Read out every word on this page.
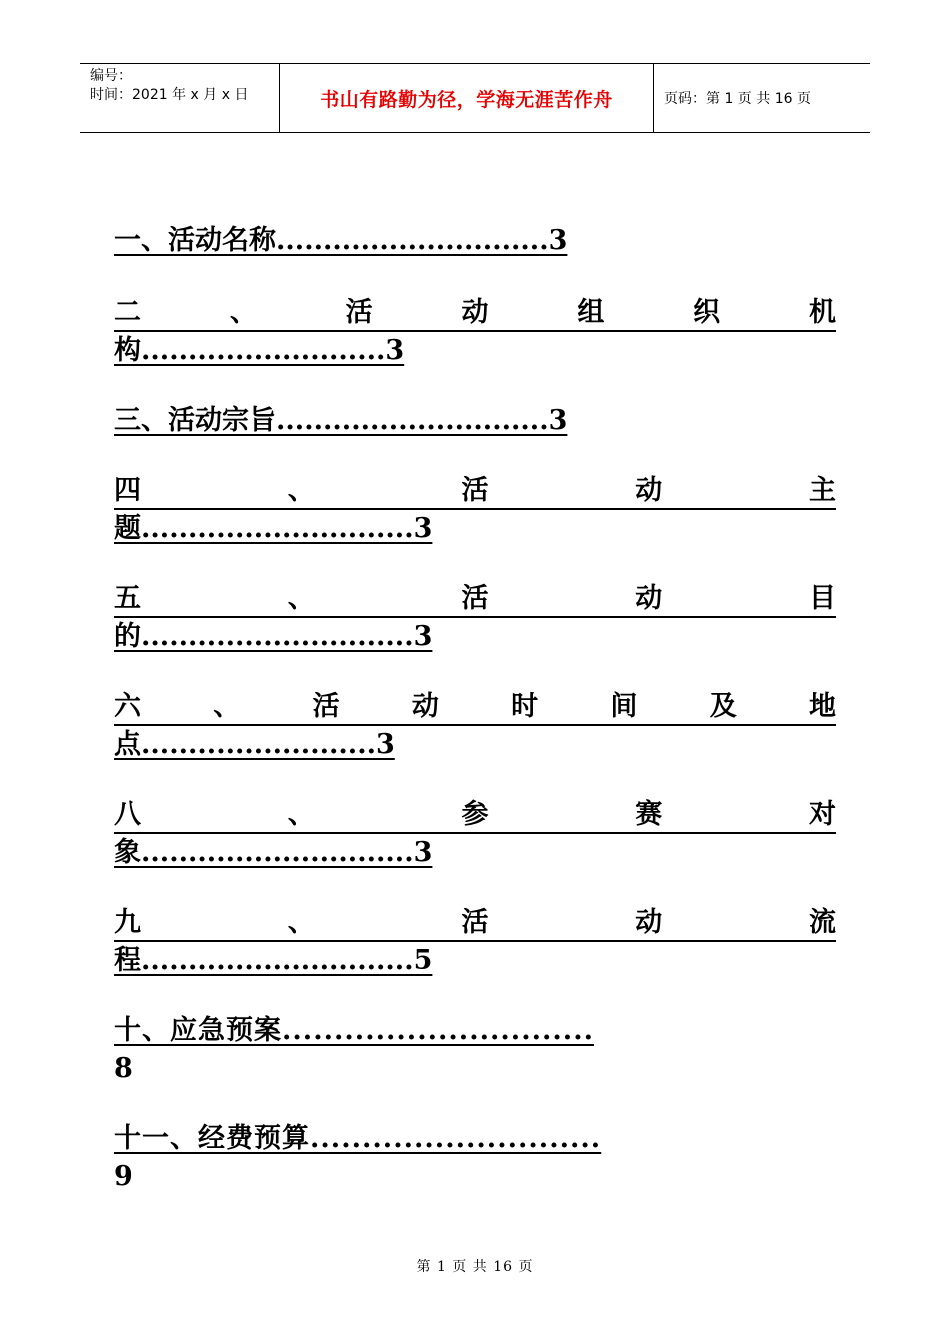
编号：
时间：2021 年 x 月 x 日	书山有路勤为径，学海无涯苦作舟	页码：第 1 页 共 16 页
一、活动名称.............................3
二	、	活	动	组	织	机
构..........................3
三、活动宗旨.............................3
四	、	活	动	主
题.............................3
五	、	活	动	目
的.............................3
六	、	活	动	时	间	及	地
点.........................3
八	、	参	赛	对
象.............................3
九	、	活	动	流
程.............................5
十、应急预案..............................
8
十一、经费预算............................
9
第 1 页 共 16 页
